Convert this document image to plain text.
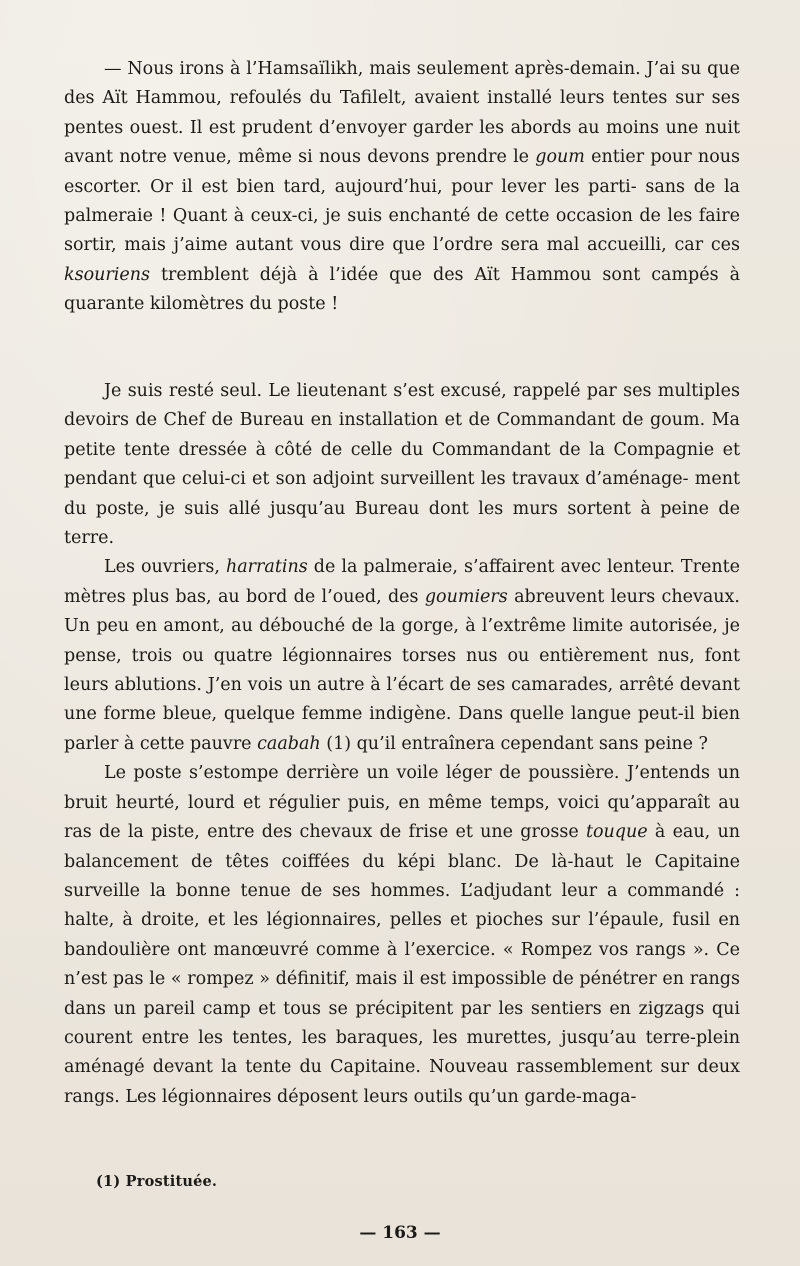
— Nous irons à l’Hamsaïlikh, mais seulement après-demain. J’ai su que des Aït Hammou, refoulés du Tafilelt, avaient installé leurs tentes sur ses pentes ouest. Il est prudent d’envoyer garder les abords au moins une nuit avant notre venue, même si nous devons prendre le goum entier pour nous escorter. Or il est bien tard, aujourd’hui, pour lever les parti- sans de la palmeraie ! Quant à ceux-ci, je suis enchanté de cette occasion de les faire sortir, mais j’aime autant vous dire que l’ordre sera mal accueilli, car ces ksouriens tremblent déjà à l’idée que des Aït Hammou sont campés à quarante kilomètres du poste !

Je suis resté seul. Le lieutenant s’est excusé, rappelé par ses multiples devoirs de Chef de Bureau en installation et de Commandant de goum. Ma petite tente dressée à côté de celle du Commandant de la Compagnie et pendant que celui-ci et son adjoint surveillent les travaux d’aménage- ment du poste, je suis allé jusqu’au Bureau dont les murs sortent à peine de terre.

Les ouvriers, harratins de la palmeraie, s’affairent avec lenteur. Trente mètres plus bas, au bord de l’oued, des goumiers abreuvent leurs chevaux. Un peu en amont, au débouché de la gorge, à l’extrême limite autorisée, je pense, trois ou quatre légionnaires torses nus ou entièrement nus, font leurs ablutions. J’en vois un autre à l’écart de ses camarades, arrêté devant une forme bleue, quelque femme indigène. Dans quelle langue peut-il bien parler à cette pauvre caabah (1) qu’il entraînera cependant sans peine ?

Le poste s’estompe derrière un voile léger de poussière. J’entends un bruit heurté, lourd et régulier puis, en même temps, voici qu’apparaît au ras de la piste, entre des chevaux de frise et une grosse touque à eau, un balancement de têtes coiffées du képi blanc. De là-haut le Capitaine surveille la bonne tenue de ses hommes. L’adjudant leur a commandé : halte, à droite, et les légionnaires, pelles et pioches sur l’épaule, fusil en bandoulière ont manœuvré comme à l’exercice. « Rompez vos rangs ». Ce n’est pas le « rompez » définitif, mais il est impossible de pénétrer en rangs dans un pareil camp et tous se précipitent par les sentiers en zigzags qui courent entre les tentes, les baraques, les murettes, jusqu’au terre-plein aménagé devant la tente du Capitaine. Nouveau rassemblement sur deux rangs. Les légionnaires déposent leurs outils qu’un garde-maga-

(1) Prostituée.
— 163 —
